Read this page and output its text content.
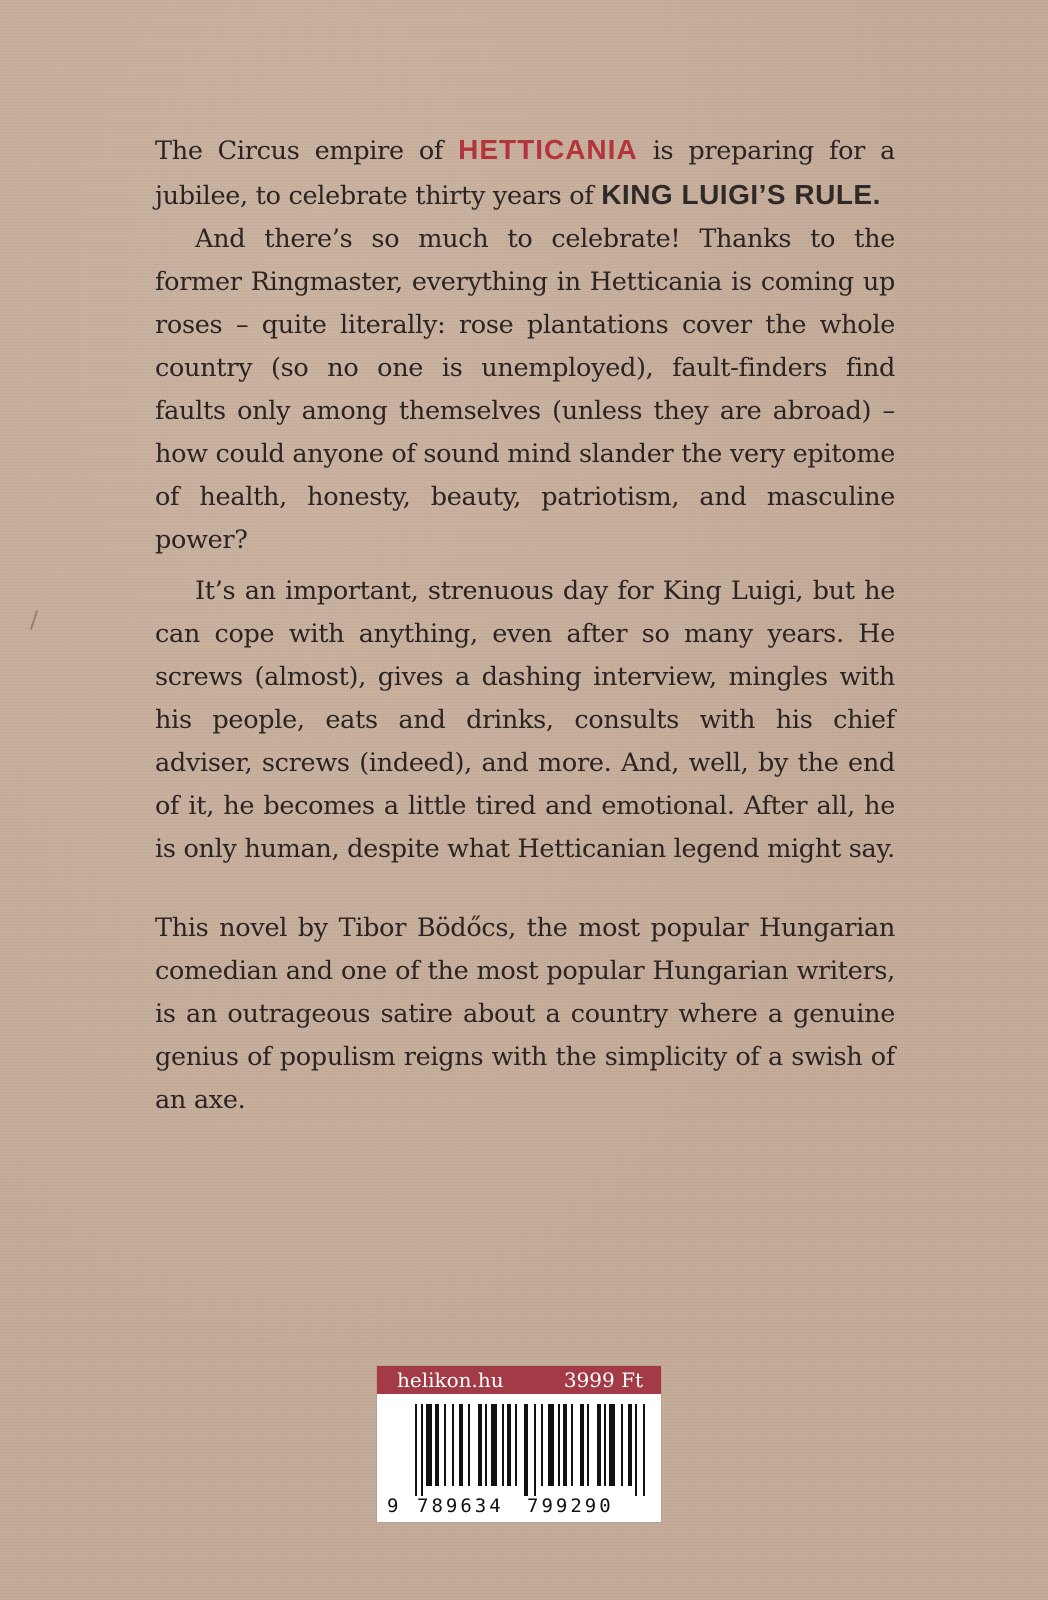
The Circus empire of HETTICANIA is preparing for a jubilee, to celebrate thirty years of KING LUIGI’S RULE.

And there’s so much to celebrate! Thanks to the former Ringmaster, everything in Hetticania is coming up roses – quite literally: rose plantations cover the whole country (so no one is unemployed), fault-finders find faults only among themselves (unless they are abroad) – how could anyone of sound mind slander the very epitome of health, honesty, beauty, patriotism, and masculine power?

It’s an important, strenuous day for King Luigi, but he can cope with anything, even after so many years. He screws (almost), gives a dashing interview, mingles with his people, eats and drinks, consults with his chief adviser, screws (indeed), and more. And, well, by the end of it, he becomes a little tired and emotional. After all, he is only human, despite what Hetticanian legend might say.

This novel by Tibor Bödőcs, the most popular Hungarian comedian and one of the most popular Hungarian writers, is an outrageous satire about a country where a genuine genius of populism reigns with the simplicity of a swish of an axe.

helikon.hu	3999 Ft
9 789634 799290
